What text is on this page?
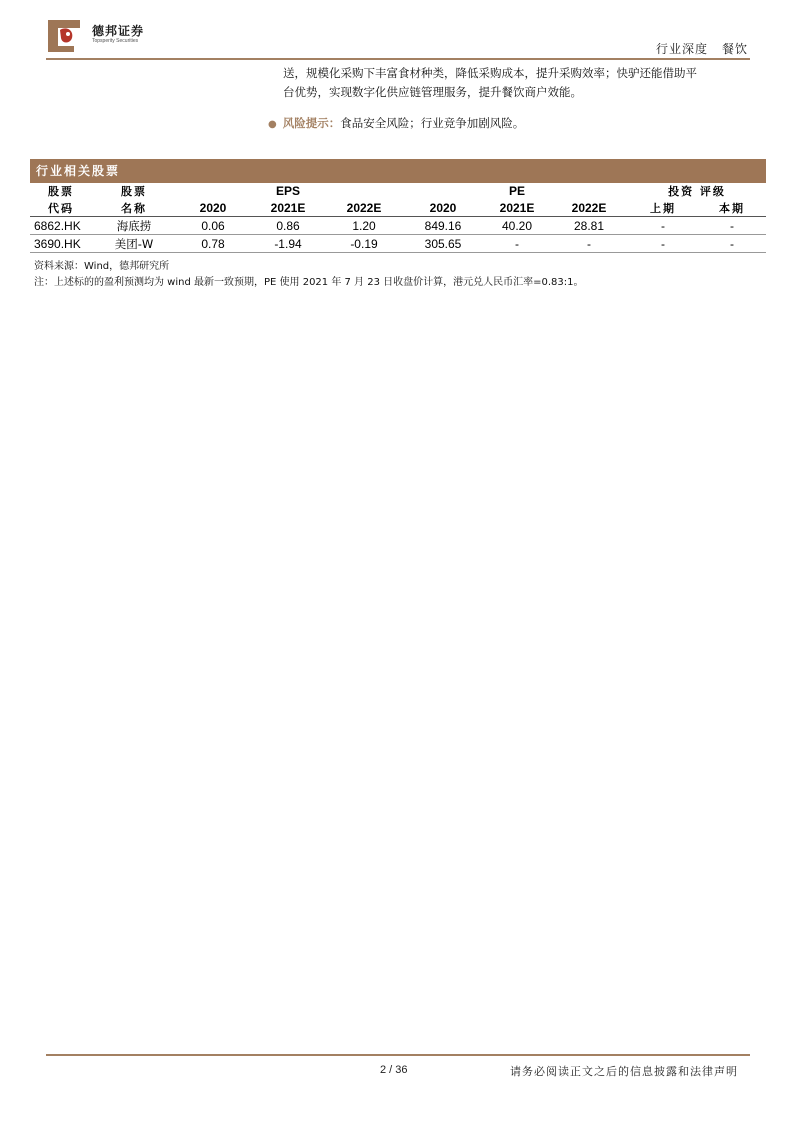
德邦证券
Topsperity Securities
行业深度 餐饮
送，规模化采购下丰富食材种类，降低采购成本，提升采购效率；快驴还能借助平
台优势，实现数字化供应链管理服务，提升餐饮商户效能。
● 风险提示：食品安全风险；行业竞争加剧风险。
行业相关股票
股票	股票		EPS			PE		投资 评级	
代码	名称	2020	2021E	2022E	2020	2021E	2022E	上期	本期
6862.HK	海底捞	0.06	0.86	1.20	849.16	40.20	28.81	-	-
3690.HK	美团-W	0.78	-1.94	-0.19	305.65	-	-	-	-
资料来源：Wind，德邦研究所
注：上述标的的盈利预测均为 wind 最新一致预期，PE 使用 2021 年 7 月 23 日收盘价计算，港元兑人民币汇率=0.83:1。
2 / 36	请务必阅读正文之后的信息披露和法律声明
